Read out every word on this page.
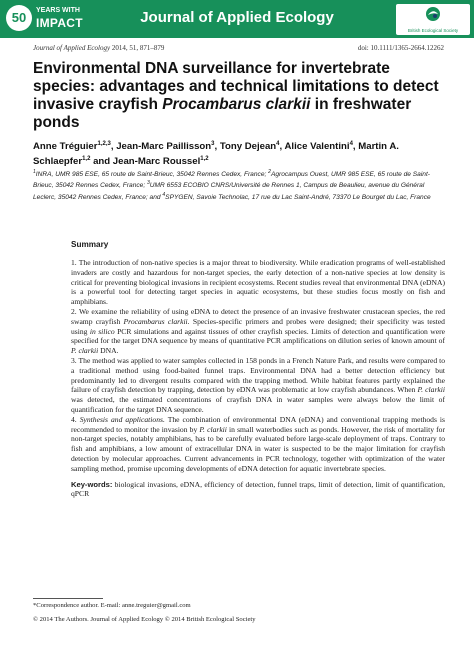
50	YEARS WITH
IMPACT	Journal of Applied Ecology
British Ecological Society
Journal of Applied Ecology 2014, 51, 871–879	doi: 10.1111/1365-2664.12262
Environmental DNA surveillance for invertebrate species: advantages and technical limitations to detect invasive crayfish Procambarus clarkii in freshwater ponds
Anne Tréguier$^{1,2,3}$, Jean-Marc Paillisson$^3$, Tony Dejean$^4$, Alice Valentini$^4$, Martin A. Schlaepfer$^{1,2}$ and Jean-Marc Roussel$^{1,2}$
$^1$INRA, UMR 985 ESE, 65 route de Saint-Brieuc, 35042 Rennes Cedex, France; $^2$Agrocampus Ouest, UMR 985 ESE, 65 route de Saint-Brieuc, 35042 Rennes Cedex, France; $^3$UMR 6553 ECOBIO CNRS/Université de Rennes 1, Campus de Beaulieu, avenue du Général Leclerc, 35042 Rennes Cedex, France; and $^4$SPYGEN, Savoie Technolac, 17 rue du Lac Saint-André, 73370 Le Bourget du Lac, France
Summary

1. The introduction of non-native species is a major threat to biodiversity. While eradication programs of well-established invaders are costly and hazardous for non-target species, the early detection of a non-native species at low density is critical for preventing biological invasions in recipient ecosystems. Recent studies reveal that environmental DNA (eDNA) is a powerful tool for detecting target species in aquatic ecosystems, but these studies focus mostly on fish and amphibians.

2. We examine the reliability of using eDNA to detect the presence of an invasive freshwater crustacean species, the red swamp crayfish Procambarus clarkii. Species-specific primers and probes were designed; their specificity was tested using in silico PCR simulations and against tissues of other crayfish species. Limits of detection and quantification were specified for the target DNA sequence by means of quantitative PCR amplifications on dilution series of known amount of P. clarkii DNA.

3. The method was applied to water samples collected in 158 ponds in a French Nature Park, and results were compared to a traditional method using food-baited funnel traps. Environmental DNA had a better detection efficiency but predominantly led to divergent results compared with the trapping method. While habitat features partly explained the failure of crayfish detection by trapping, detection by eDNA was problematic at low crayfish abundances. When P. clarkii was detected, the estimated concentrations of crayfish DNA in water samples were always below the limit of quantification for the target DNA sequence.

4. Synthesis and applications. The combination of environmental DNA (eDNA) and conventional trapping methods is recommended to monitor the invasion by P. clarkii in small waterbodies such as ponds. However, the risk of mortality for non-target species, notably amphibians, has to be carefully evaluated before large-scale deployment of traps. Contrary to fish and amphibians, a low amount of extracellular DNA in water is suspected to be the major limitation for crayfish detection by molecular approaches. Current advancements in PCR technology, together with optimization of the water sampling method, promise upcoming developments of eDNA detection for aquatic invertebrate species.

Key-words: biological invasions, eDNA, efficiency of detection, funnel traps, limit of detection, limit of quantification, qPCR
*Correspondence author. E-mail: anne.treguier@gmail.com
© 2014 The Authors. Journal of Applied Ecology © 2014 British Ecological Society
